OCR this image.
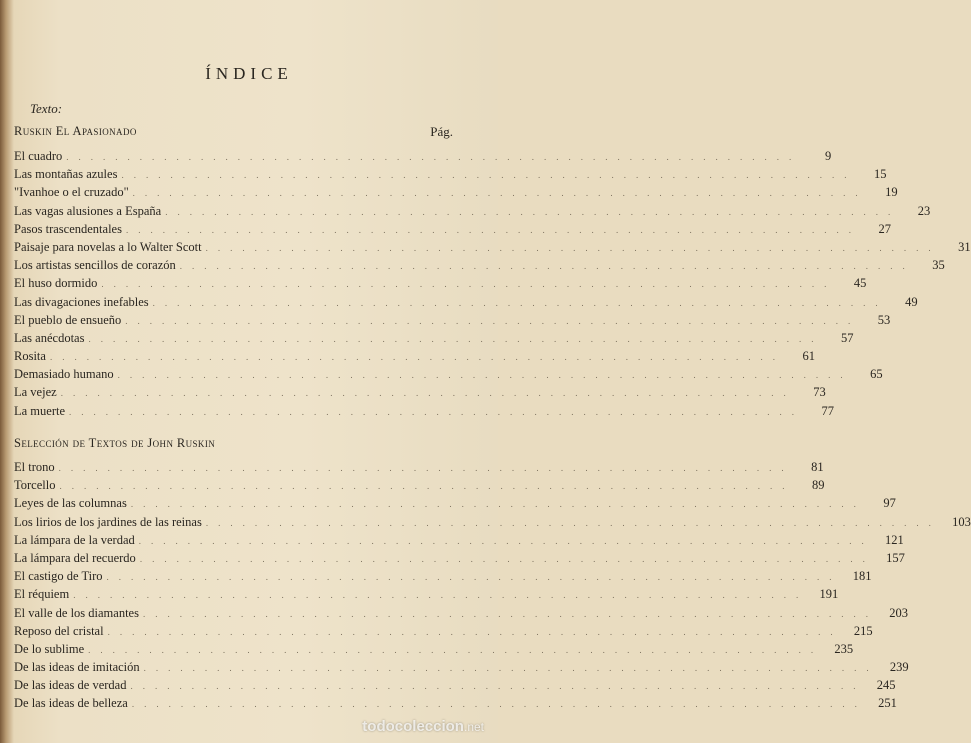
ÍNDICE
Texto:
Ruskin El Apasionado	Pág.
El cuadro ............................................................	9
Las montañas azules ............................................................	15
"Ivanhoe o el cruzado" ............................................................	19
Las vagas alusiones a España ............................................................	23
Pasos trascendentales ............................................................	27
Paisaje para novelas a lo Walter Scott ............................................................	31
Los artistas sencillos de corazón ............................................................	35
El huso dormido ............................................................	45
Las divagaciones inefables ............................................................	49
El pueblo de ensueño ............................................................	53
Las anécdotas ............................................................	57
Rosita ............................................................	61
Demasiado humano ............................................................	65
La vejez ............................................................	73
La muerte ............................................................	77
Selección de Textos de John Ruskin
El trono ............................................................	81
Torcello ............................................................	89
Leyes de las columnas ............................................................	97
Los lirios de los jardines de las reinas ............................................................ 103
La lámpara de la verdad ............................................................ 121
La lámpara del recuerdo ............................................................ 157
El castigo de Tiro ............................................................ 181
El réquiem ............................................................ 191
El valle de los diamantes ............................................................ 203
Reposo del cristal ............................................................ 215
De lo sublime ............................................................ 235
De las ideas de imitación ............................................................ 239
De las ideas de verdad ............................................................ 245
De las ideas de belleza ............................................................ 251
todocoleccion.net
